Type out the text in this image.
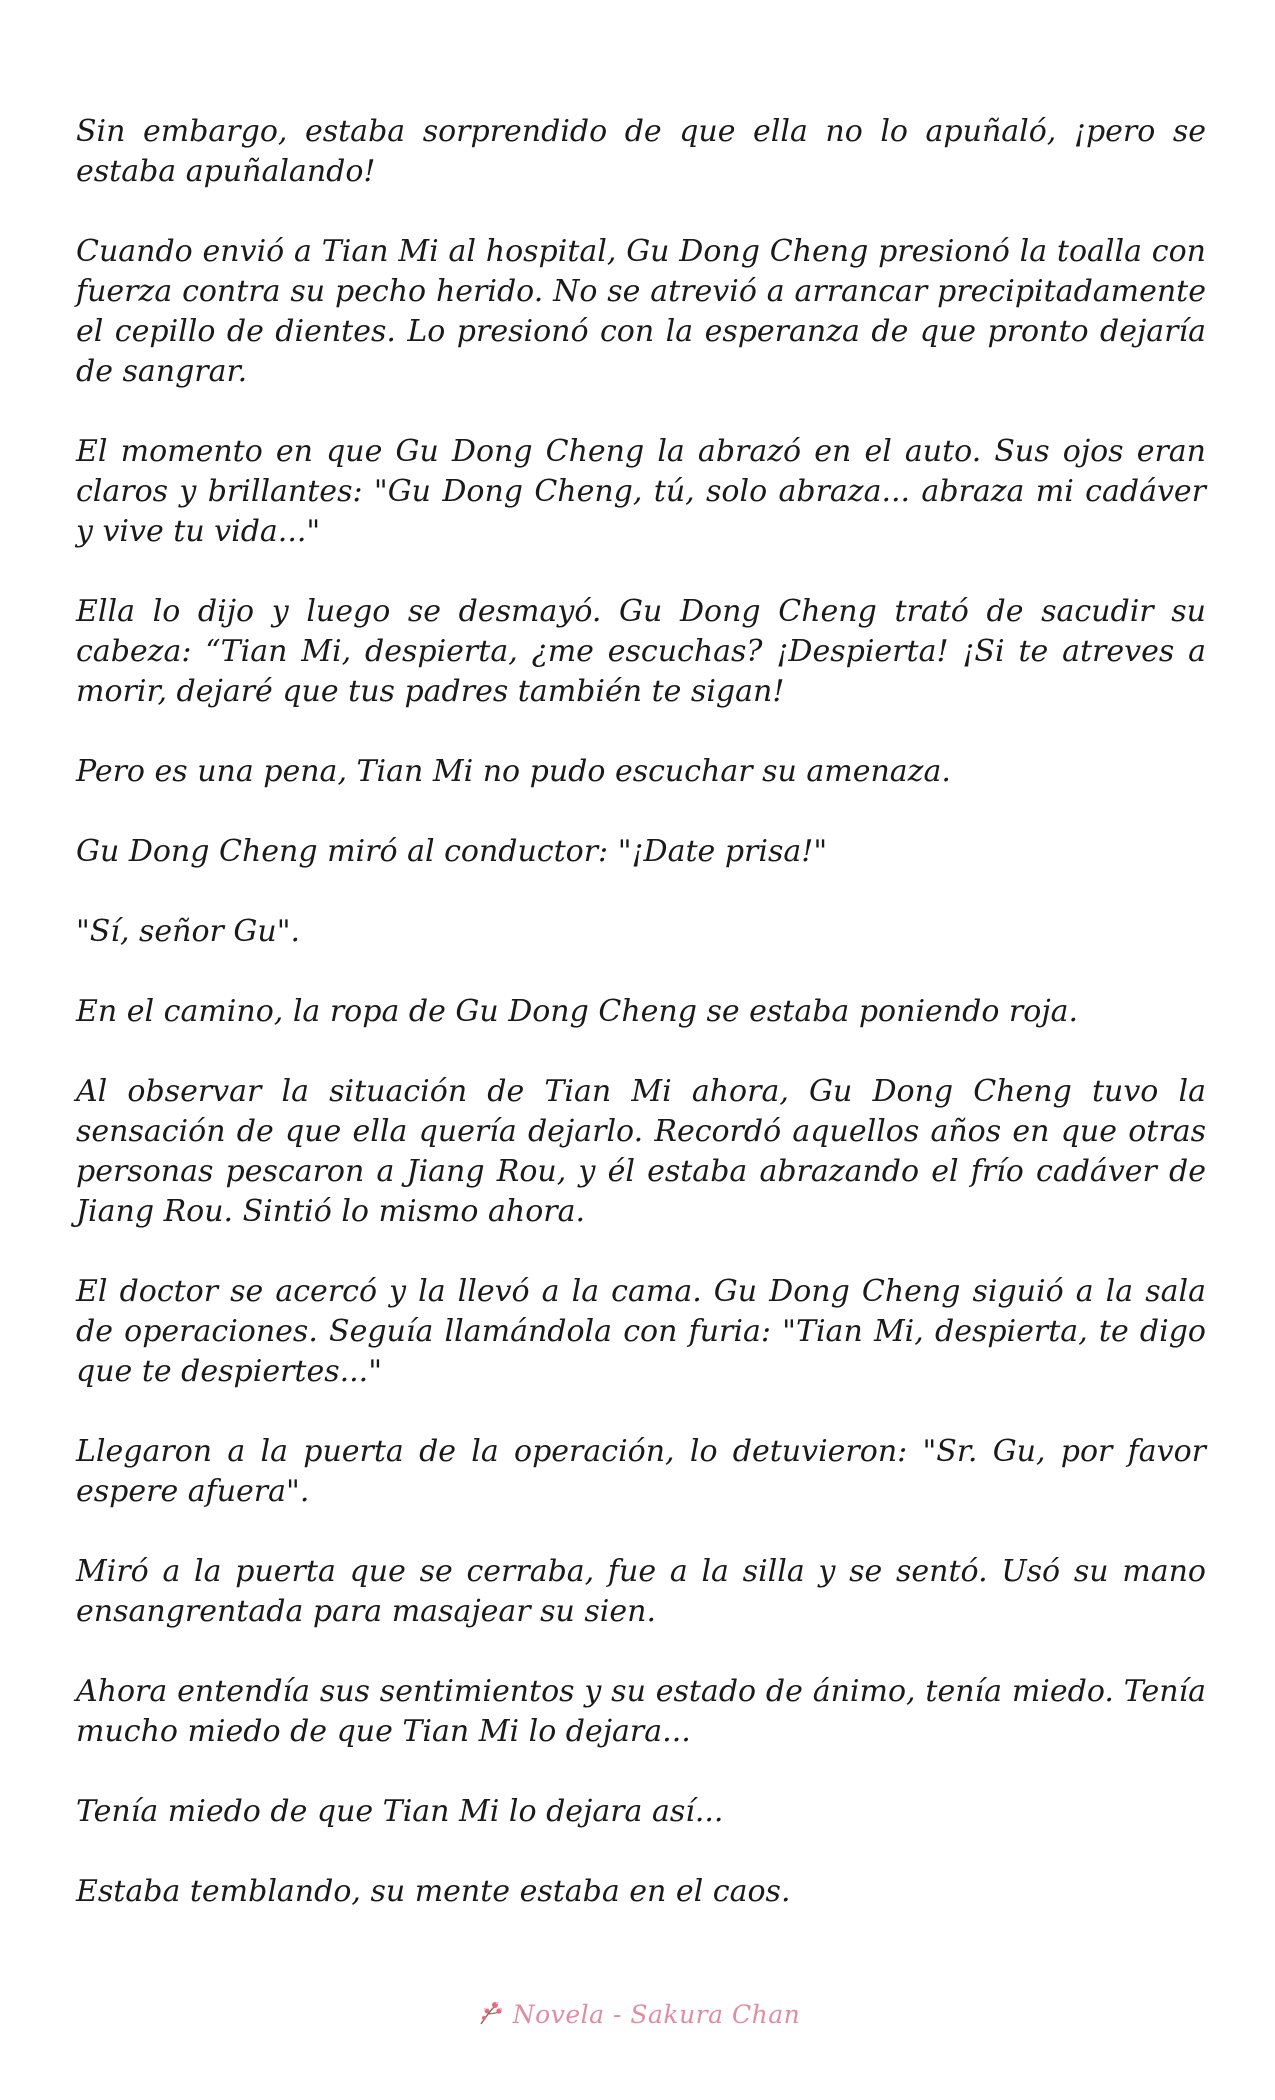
Sin embargo, estaba sorprendido de que ella no lo apuñaló, ¡pero se estaba apuñalando!

Cuando envió a Tian Mi al hospital, Gu Dong Cheng presionó la toalla con fuerza contra su pecho herido. No se atrevió a arrancar precipitadamente el cepillo de dientes. Lo presionó con la esperanza de que pronto dejaría de sangrar.

El momento en que Gu Dong Cheng la abrazó en el auto. Sus ojos eran claros y brillantes: "Gu Dong Cheng, tú, solo abraza... abraza mi cadáver y vive tu vida..."

Ella lo dijo y luego se desmayó. Gu Dong Cheng trató de sacudir su cabeza: “Tian Mi, despierta, ¿me escuchas? ¡Despierta! ¡Si te atreves a morir, dejaré que tus padres también te sigan!

Pero es una pena, Tian Mi no pudo escuchar su amenaza.

Gu Dong Cheng miró al conductor: "¡Date prisa!"

"Sí, señor Gu".

En el camino, la ropa de Gu Dong Cheng se estaba poniendo roja.

Al observar la situación de Tian Mi ahora, Gu Dong Cheng tuvo la sensación de que ella quería dejarlo. Recordó aquellos años en que otras personas pescaron a Jiang Rou, y él estaba abrazando el frío cadáver de Jiang Rou. Sintió lo mismo ahora.

El doctor se acercó y la llevó a la cama. Gu Dong Cheng siguió a la sala de operaciones. Seguía llamándola con furia: "Tian Mi, despierta, te digo que te despiertes..."

Llegaron a la puerta de la operación, lo detuvieron: "Sr. Gu, por favor espere afuera".

Miró a la puerta que se cerraba, fue a la silla y se sentó. Usó su mano ensangrentada para masajear su sien.

Ahora entendía sus sentimientos y su estado de ánimo, tenía miedo. Tenía mucho miedo de que Tian Mi lo dejara...

Tenía miedo de que Tian Mi lo dejara así...

Estaba temblando, su mente estaba en el caos.

Novela - Sakura Chan
